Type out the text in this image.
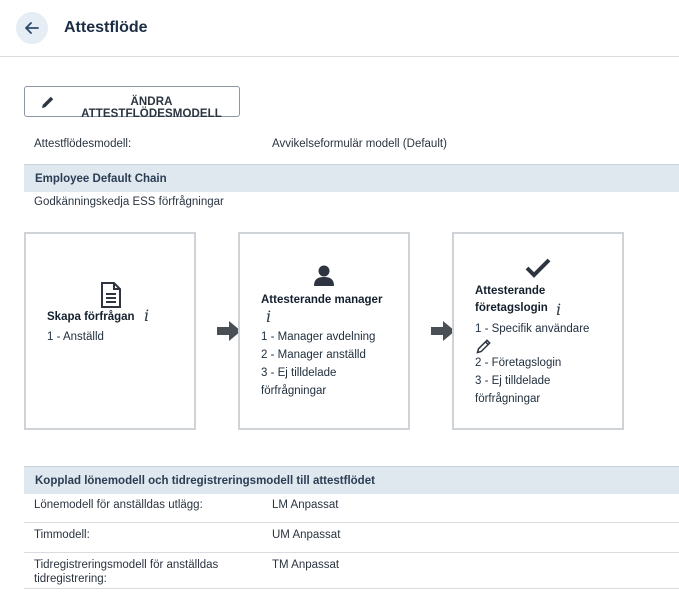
Attestflöde
ÄNDRA ATTESTFLÖDESMODELL
Attestflödesmodell:	Avvikelseformulär modell (Default)
Employee Default Chain
Godkänningskedja ESS förfrågningar
Skapa förfrågan i
1 - Anställd
Attesterande manager
i
1 - Manager avdelning
2 - Manager anställd
3 - Ej tilldelade
förfrågningar
Attesterande
företagslogin i
1 - Specifik användare
2 - Företagslogin
3 - Ej tilldelade
förfrågningar
Kopplad lönemodell och tidregistreringsmodell till attestflödet
Lönemodell för anställdas utlägg:	LM Anpassat
Timmodell:	UM Anpassat
Tidregistreringsmodell för anställdas
tidregistrering:
TM Anpassat
